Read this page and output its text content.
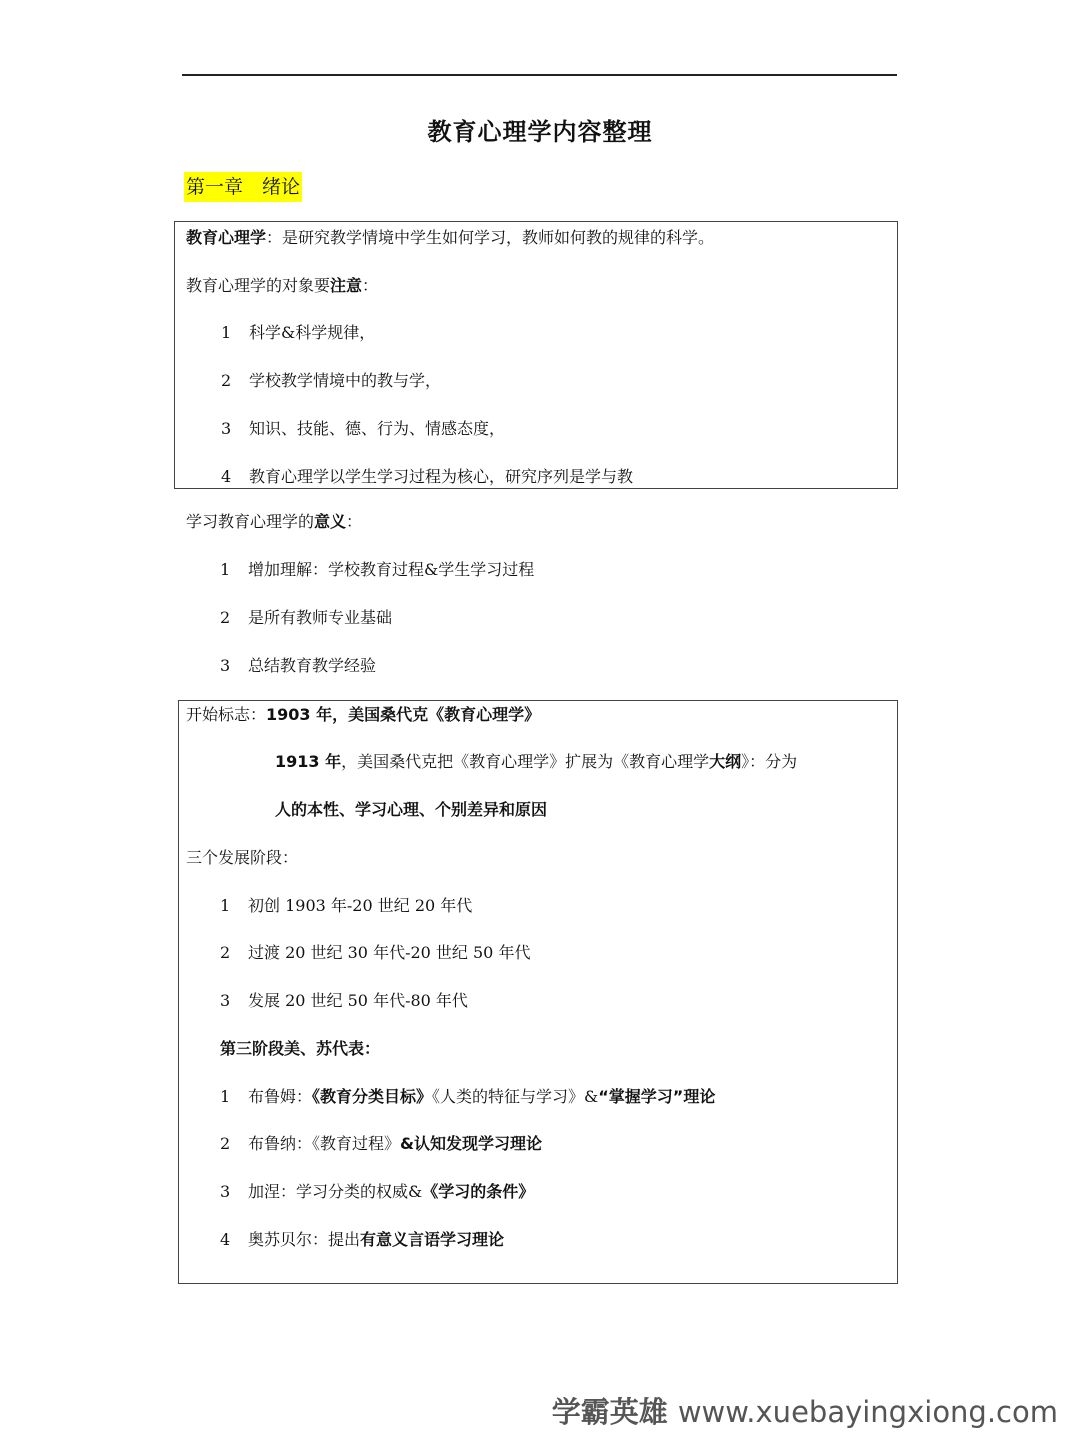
教育心理学内容整理
第一章　绪论
教育心理学：是研究教学情境中学生如何学习，教师如何教的规律的科学。
教育心理学的对象要注意：
1 科学&科学规律，
2 学校教学情境中的教与学，
3 知识、技能、德、行为、情感态度，
4 教育心理学以学生学习过程为核心，研究序列是学与教
学习教育心理学的意义：
1 增加理解：学校教育过程&学生学习过程
2 是所有教师专业基础
3 总结教育教学经验
开始标志：1903 年，美国桑代克《教育心理学》
1913 年，美国桑代克把《教育心理学》扩展为《教育心理学大纲》：分为
人的本性、学习心理、个别差异和原因
三个发展阶段：
1 初创 1903 年-20 世纪 20 年代
2 过渡 20 世纪 30 年代-20 世纪 50 年代
3 发展 20 世纪 50 年代-80 年代
第三阶段美、苏代表：
1 布鲁姆：《教育分类目标》《人类的特征与学习》&“掌握学习”理论
2 布鲁纳：《教育过程》&认知发现学习理论
3 加涅：学习分类的权威&《学习的条件》
4 奥苏贝尔：提出有意义言语学习理论
学霸英雄 www.xuebayingxiong.com
